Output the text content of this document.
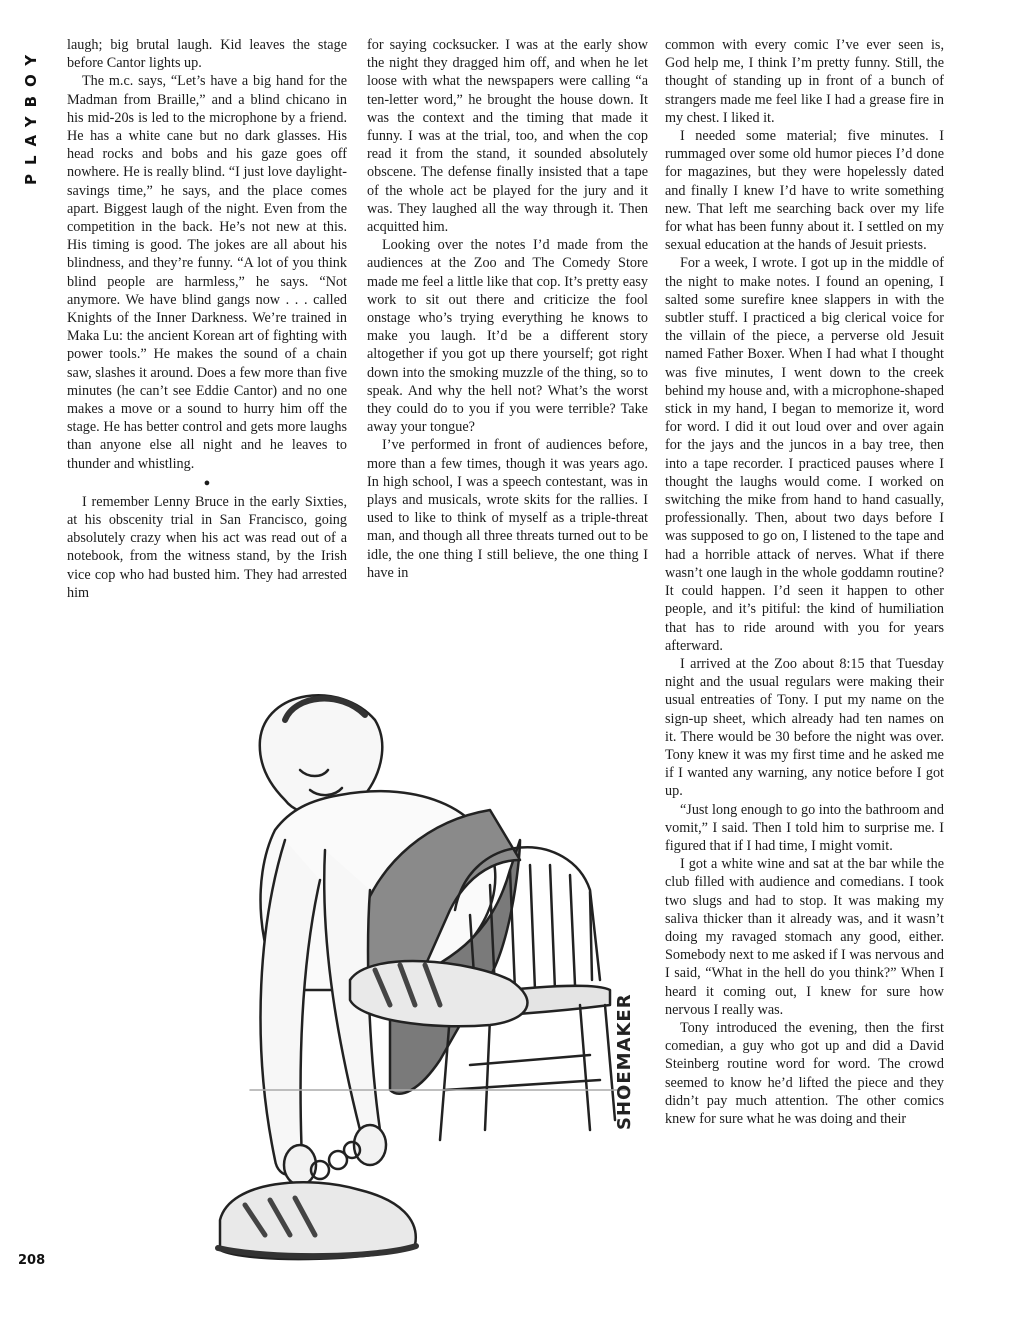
PLAYBOY
208

laugh; big brutal laugh. Kid leaves the stage before Cantor lights up.

The m.c. says, “Let’s have a big hand for the Madman from Braille,” and a blind chicano in his mid-20s is led to the microphone by a friend. He has a white cane but no dark glasses. His head rocks and bobs and his gaze goes off nowhere. He is really blind. “I just love daylight-savings time,” he says, and the place comes apart. Biggest laugh of the night. Even from the competition in the back. He’s not new at this. His timing is good. The jokes are all about his blindness, and they’re funny. “A lot of you think blind people are harmless,” he says. “Not anymore. We have blind gangs now . . . called Knights of the Inner Darkness. We’re trained in Maka Lu: the ancient Korean art of fighting with power tools.” He makes the sound of a chain saw, slashes it around. Does a few more than five minutes (he can’t see Eddie Cantor) and no one makes a move or a sound to hurry him off the stage. He has better control and gets more laughs than anyone else all night and he leaves to thunder and whistling.

●

I remember Lenny Bruce in the early Sixties, at his obscenity trial in San Francisco, going absolutely crazy when his act was read out of a notebook, from the witness stand, by the Irish vice cop who had busted him. They had arrested him

for saying cocksucker. I was at the early show the night they dragged him off, and when he let loose with what the newspapers were calling “a ten-letter word,” he brought the house down. It was the context and the timing that made it funny. I was at the trial, too, and when the cop read it from the stand, it sounded absolutely obscene. The defense finally insisted that a tape of the whole act be played for the jury and it was. They laughed all the way through it. Then acquitted him.

Looking over the notes I’d made from the audiences at the Zoo and The Comedy Store made me feel a little like that cop. It’s pretty easy work to sit out there and criticize the fool onstage who’s trying everything he knows to make you laugh. It’d be a different story altogether if you got up there yourself; got right down into the smoking muzzle of the thing, so to speak. And why the hell not? What’s the worst they could do to you if you were terrible? Take away your tongue?

I’ve performed in front of audiences before, more than a few times, though it was years ago. In high school, I was a speech contestant, was in plays and musicals, wrote skits for the rallies. I used to like to think of myself as a triple-threat man, and though all three threats turned out to be idle, the one thing I still believe, the one thing I have in

common with every comic I’ve ever seen is, God help me, I think I’m pretty funny. Still, the thought of standing up in front of a bunch of strangers made me feel like I had a grease fire in my chest. I liked it.

I needed some material; five minutes. I rummaged over some old humor pieces I’d done for magazines, but they were hopelessly dated and finally I knew I’d have to write something new. That left me searching back over my life for what has been funny about it. I settled on my sexual education at the hands of Jesuit priests.

For a week, I wrote. I got up in the middle of the night to make notes. I found an opening, I salted some surefire knee slappers in with the subtler stuff. I practiced a big clerical voice for the villain of the piece, a perverse old Jesuit named Father Boxer. When I had what I thought was five minutes, I went down to the creek behind my house and, with a microphone-shaped stick in my hand, I began to memorize it, word for word. I did it out loud over and over again for the jays and the juncos in a bay tree, then into a tape recorder. I practiced pauses where I thought the laughs would come. I worked on switching the mike from hand to hand casually, professionally. Then, about two days before I was supposed to go on, I listened to the tape and had a horrible attack of nerves. What if there wasn’t one laugh in the whole goddamn routine? It could happen. I’d seen it happen to other people, and it’s pitiful: the kind of humiliation that has to ride around with you for years afterward.

I arrived at the Zoo about 8:15 that Tuesday night and the usual regulars were making their usual entreaties of Tony. I put my name on the sign-up sheet, which already had ten names on it. There would be 30 before the night was over. Tony knew it was my first time and he asked me if I wanted any warning, any notice before I got up.

“Just long enough to go into the bathroom and vomit,” I said. Then I told him to surprise me. I figured that if I had time, I might vomit.

I got a white wine and sat at the bar while the club filled with audience and comedians. I took two slugs and had to stop. It was making my saliva thicker than it already was, and it wasn’t doing my ravaged stomach any good, either. Somebody next to me asked if I was nervous and I said, “What in the hell do you think?” When I heard it coming out, I knew for sure how nervous I really was.

Tony introduced the evening, then the first comedian, a guy who got up and did a David Steinberg routine word for word. The crowd seemed to know he’d lifted the piece and they didn’t pay much attention. The other comics knew for sure what he was doing and their

SHOEMAKER
